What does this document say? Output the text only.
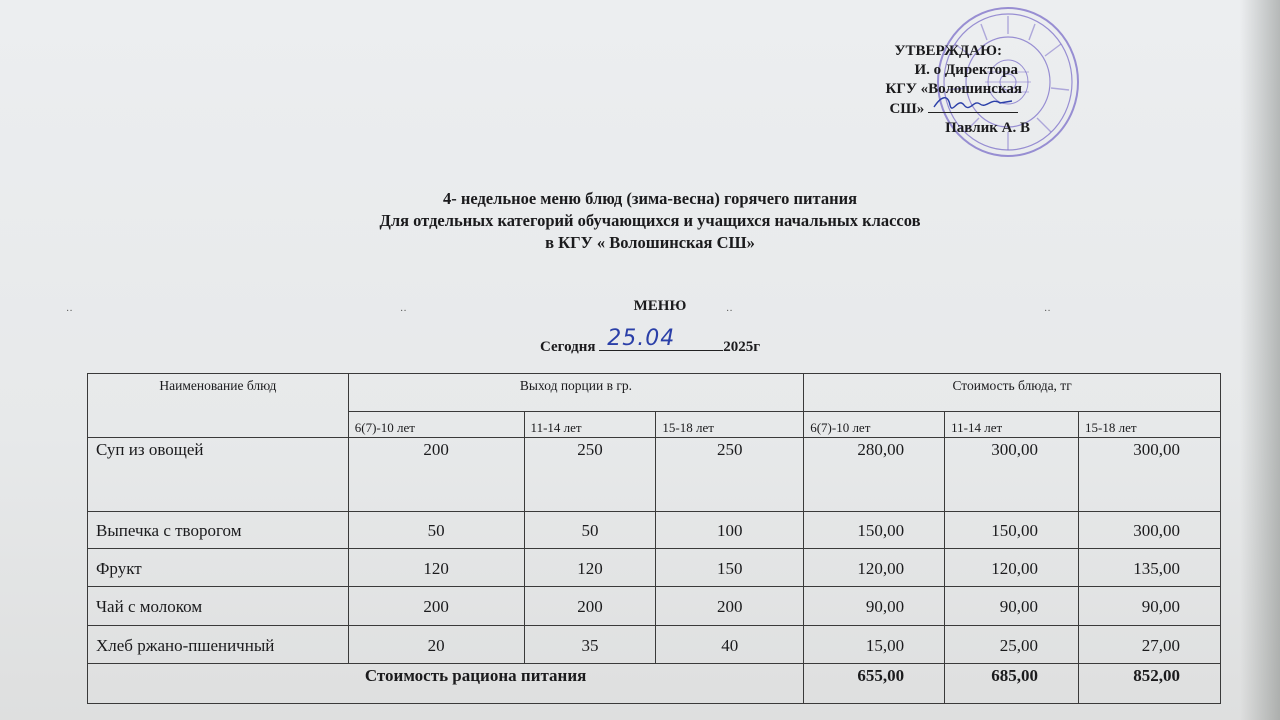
УТВЕРЖДАЮ:
И. о Директора
КГУ «Волошинская
СШ»
Павлик А. В
4- недельное меню блюд (зима-весна) горячего питания
Для отдельных категорий обучающихся и учащихся начальных классов
в КГУ « Волошинская СШ»
··	··	··	··
МЕНЮ
Сегодня 25.04	2025г
Наименование блюд	Выход порции в гр.			Стоимость блюда, тг		
	6(7)-10 лет	11-14 лет	15-18 лет	6(7)-10 лет	11-14 лет	15-18 лет
Суп из овощей	200	250	250	280,00	300,00	300,00
Выпечка с творогом	50	50	100	150,00	150,00	300,00
Фрукт	120	120	150	120,00	120,00	135,00
Чай с молоком	200	200	200	90,00	90,00	90,00
Хлеб ржано-пшеничный	20	35	40	15,00	25,00	27,00
Стоимость рациона питания				655,00	685,00	852,00
